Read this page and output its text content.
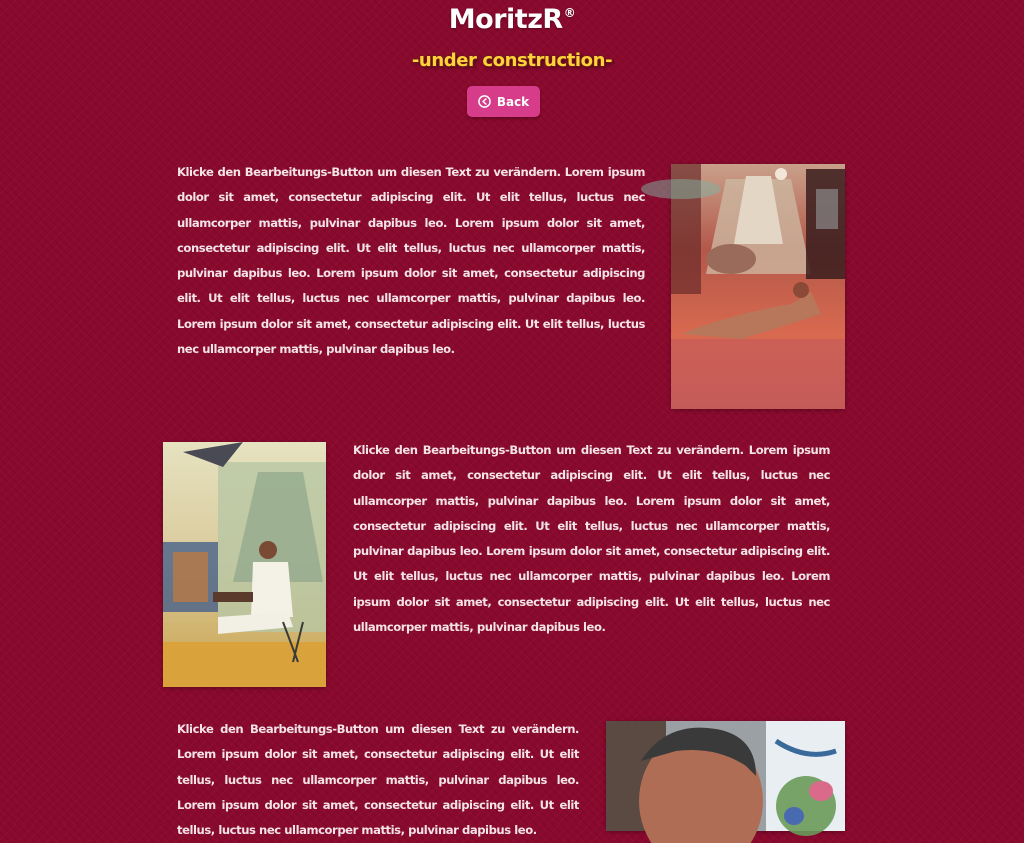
MoritzR®
-under construction-
Back
Klicke den Bearbeitungs-Button um diesen Text zu verändern. Lorem ipsum dolor sit amet, consectetur adipiscing elit. Ut elit tellus, luctus nec ullamcorper mattis, pulvinar dapibus leo. Lorem ipsum dolor sit amet, consectetur adipiscing elit. Ut elit tellus, luctus nec ullamcorper mattis, pulvinar dapibus leo. Lorem ipsum dolor sit amet, consectetur adipiscing elit. Ut elit tellus, luctus nec ullamcorper mattis, pulvinar dapibus leo. Lorem ipsum dolor sit amet, consectetur adipiscing elit. Ut elit tellus, luctus nec ullamcorper mattis, pulvinar dapibus leo.
Klicke den Bearbeitungs-Button um diesen Text zu verändern. Lorem ipsum dolor sit amet, consectetur adipiscing elit. Ut elit tellus, luctus nec ullamcorper mattis, pulvinar dapibus leo. Lorem ipsum dolor sit amet, consectetur adipiscing elit. Ut elit tellus, luctus nec ullamcorper mattis, pulvinar dapibus leo. Lorem ipsum dolor sit amet, consectetur adipiscing elit. Ut elit tellus, luctus nec ullamcorper mattis, pulvinar dapibus leo. Lorem ipsum dolor sit amet, consectetur adipiscing elit. Ut elit tellus, luctus nec ullamcorper mattis, pulvinar dapibus leo.
Klicke den Bearbeitungs-Button um diesen Text zu verändern. Lorem ipsum dolor sit amet, consectetur adipiscing elit. Ut elit tellus, luctus nec ullamcorper mattis, pulvinar dapibus leo. Lorem ipsum dolor sit amet, consectetur adipiscing elit. Ut elit tellus, luctus nec ullamcorper mattis, pulvinar dapibus leo.
